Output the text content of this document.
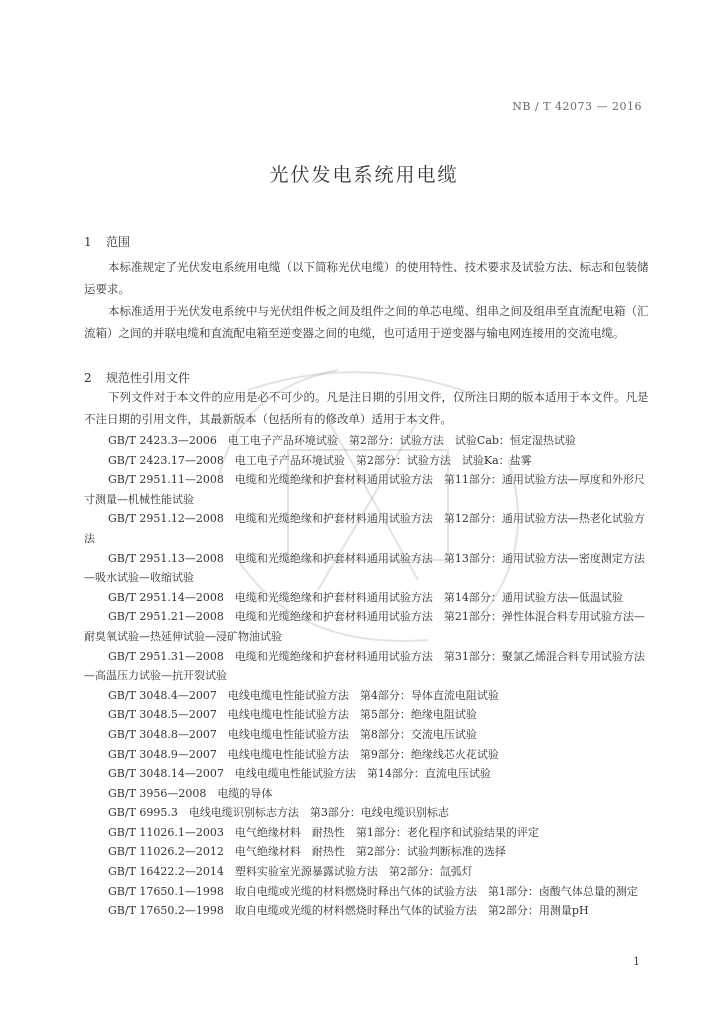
NB / T 42073 — 2016
光伏发电系统用电缆
1 范围
本标准规定了光伏发电系统用电缆（以下简称光伏电缆）的使用特性、技术要求及试验方法、标志和包装储运要求。
本标准适用于光伏发电系统中与光伏组件板之间及组件之间的单芯电缆、组串之间及组串至直流配电箱（汇流箱）之间的并联电缆和直流配电箱至逆变器之间的电缆，也可适用于逆变器与输电网连接用的交流电缆。
2 规范性引用文件
下列文件对于本文件的应用是必不可少的。凡是注日期的引用文件，仅所注日期的版本适用于本文件。凡是不注日期的引用文件，其最新版本（包括所有的修改单）适用于本文件。
GB/T 2423.3—2006　 电工电子产品环境试验　第2部分：试验方法　试验Cab：恒定湿热试验
GB/T 2423.17—2008　 电工电子产品环境试验　第2部分：试验方法　试验Ka：盐雾
GB/T 2951.11—2008　 电缆和光缆绝缘和护套材料通用试验方法　第11部分：通用试验方法—厚度和外形尺寸测量—机械性能试验
GB/T 2951.12—2008　 电缆和光缆绝缘和护套材料通用试验方法　第12部分：通用试验方法—热老化试验方法
GB/T 2951.13—2008　 电缆和光缆绝缘和护套材料通用试验方法　第13部分：通用试验方法—密度测定方法—吸水试验—收缩试验
GB/T 2951.14—2008　 电缆和光缆绝缘和护套材料通用试验方法　第14部分：通用试验方法—低温试验
GB/T 2951.21—2008　 电缆和光缆绝缘和护套材料通用试验方法　第21部分：弹性体混合料专用试验方法—耐臭氧试验—热延伸试验—浸矿物油试验
GB/T 2951.31—2008　 电缆和光缆绝缘和护套材料通用试验方法　第31部分：聚氯乙烯混合料专用试验方法—高温压力试验—抗开裂试验
GB/T 3048.4—2007　 电线电缆电性能试验方法　第4部分：导体直流电阻试验
GB/T 3048.5—2007　 电线电缆电性能试验方法　第5部分：绝缘电阻试验
GB/T 3048.8—2007　 电线电缆电性能试验方法　第8部分：交流电压试验
GB/T 3048.9—2007　 电线电缆电性能试验方法　第9部分：绝缘线芯火花试验
GB/T 3048.14—2007　 电线电缆电性能试验方法　第14部分：直流电压试验
GB/T 3956—2008　 电缆的导体
GB/T 6995.3　 电线电缆识别标志方法　第3部分：电线电缆识别标志
GB/T 11026.1—2003　 电气绝缘材料　耐热性　第1部分：老化程序和试验结果的评定
GB/T 11026.2—2012　 电气绝缘材料　耐热性　第2部分：试验判断标准的选择
GB/T 16422.2—2014　 塑料实验室光源暴露试验方法　第2部分：氙弧灯
GB/T 17650.1—1998　 取自电缆或光缆的材料燃烧时释出气体的试验方法　第1部分：卤酸气体总量的测定
GB/T 17650.2—1998　 取自电缆或光缆的材料燃烧时释出气体的试验方法　第2部分：用测量pH
1
